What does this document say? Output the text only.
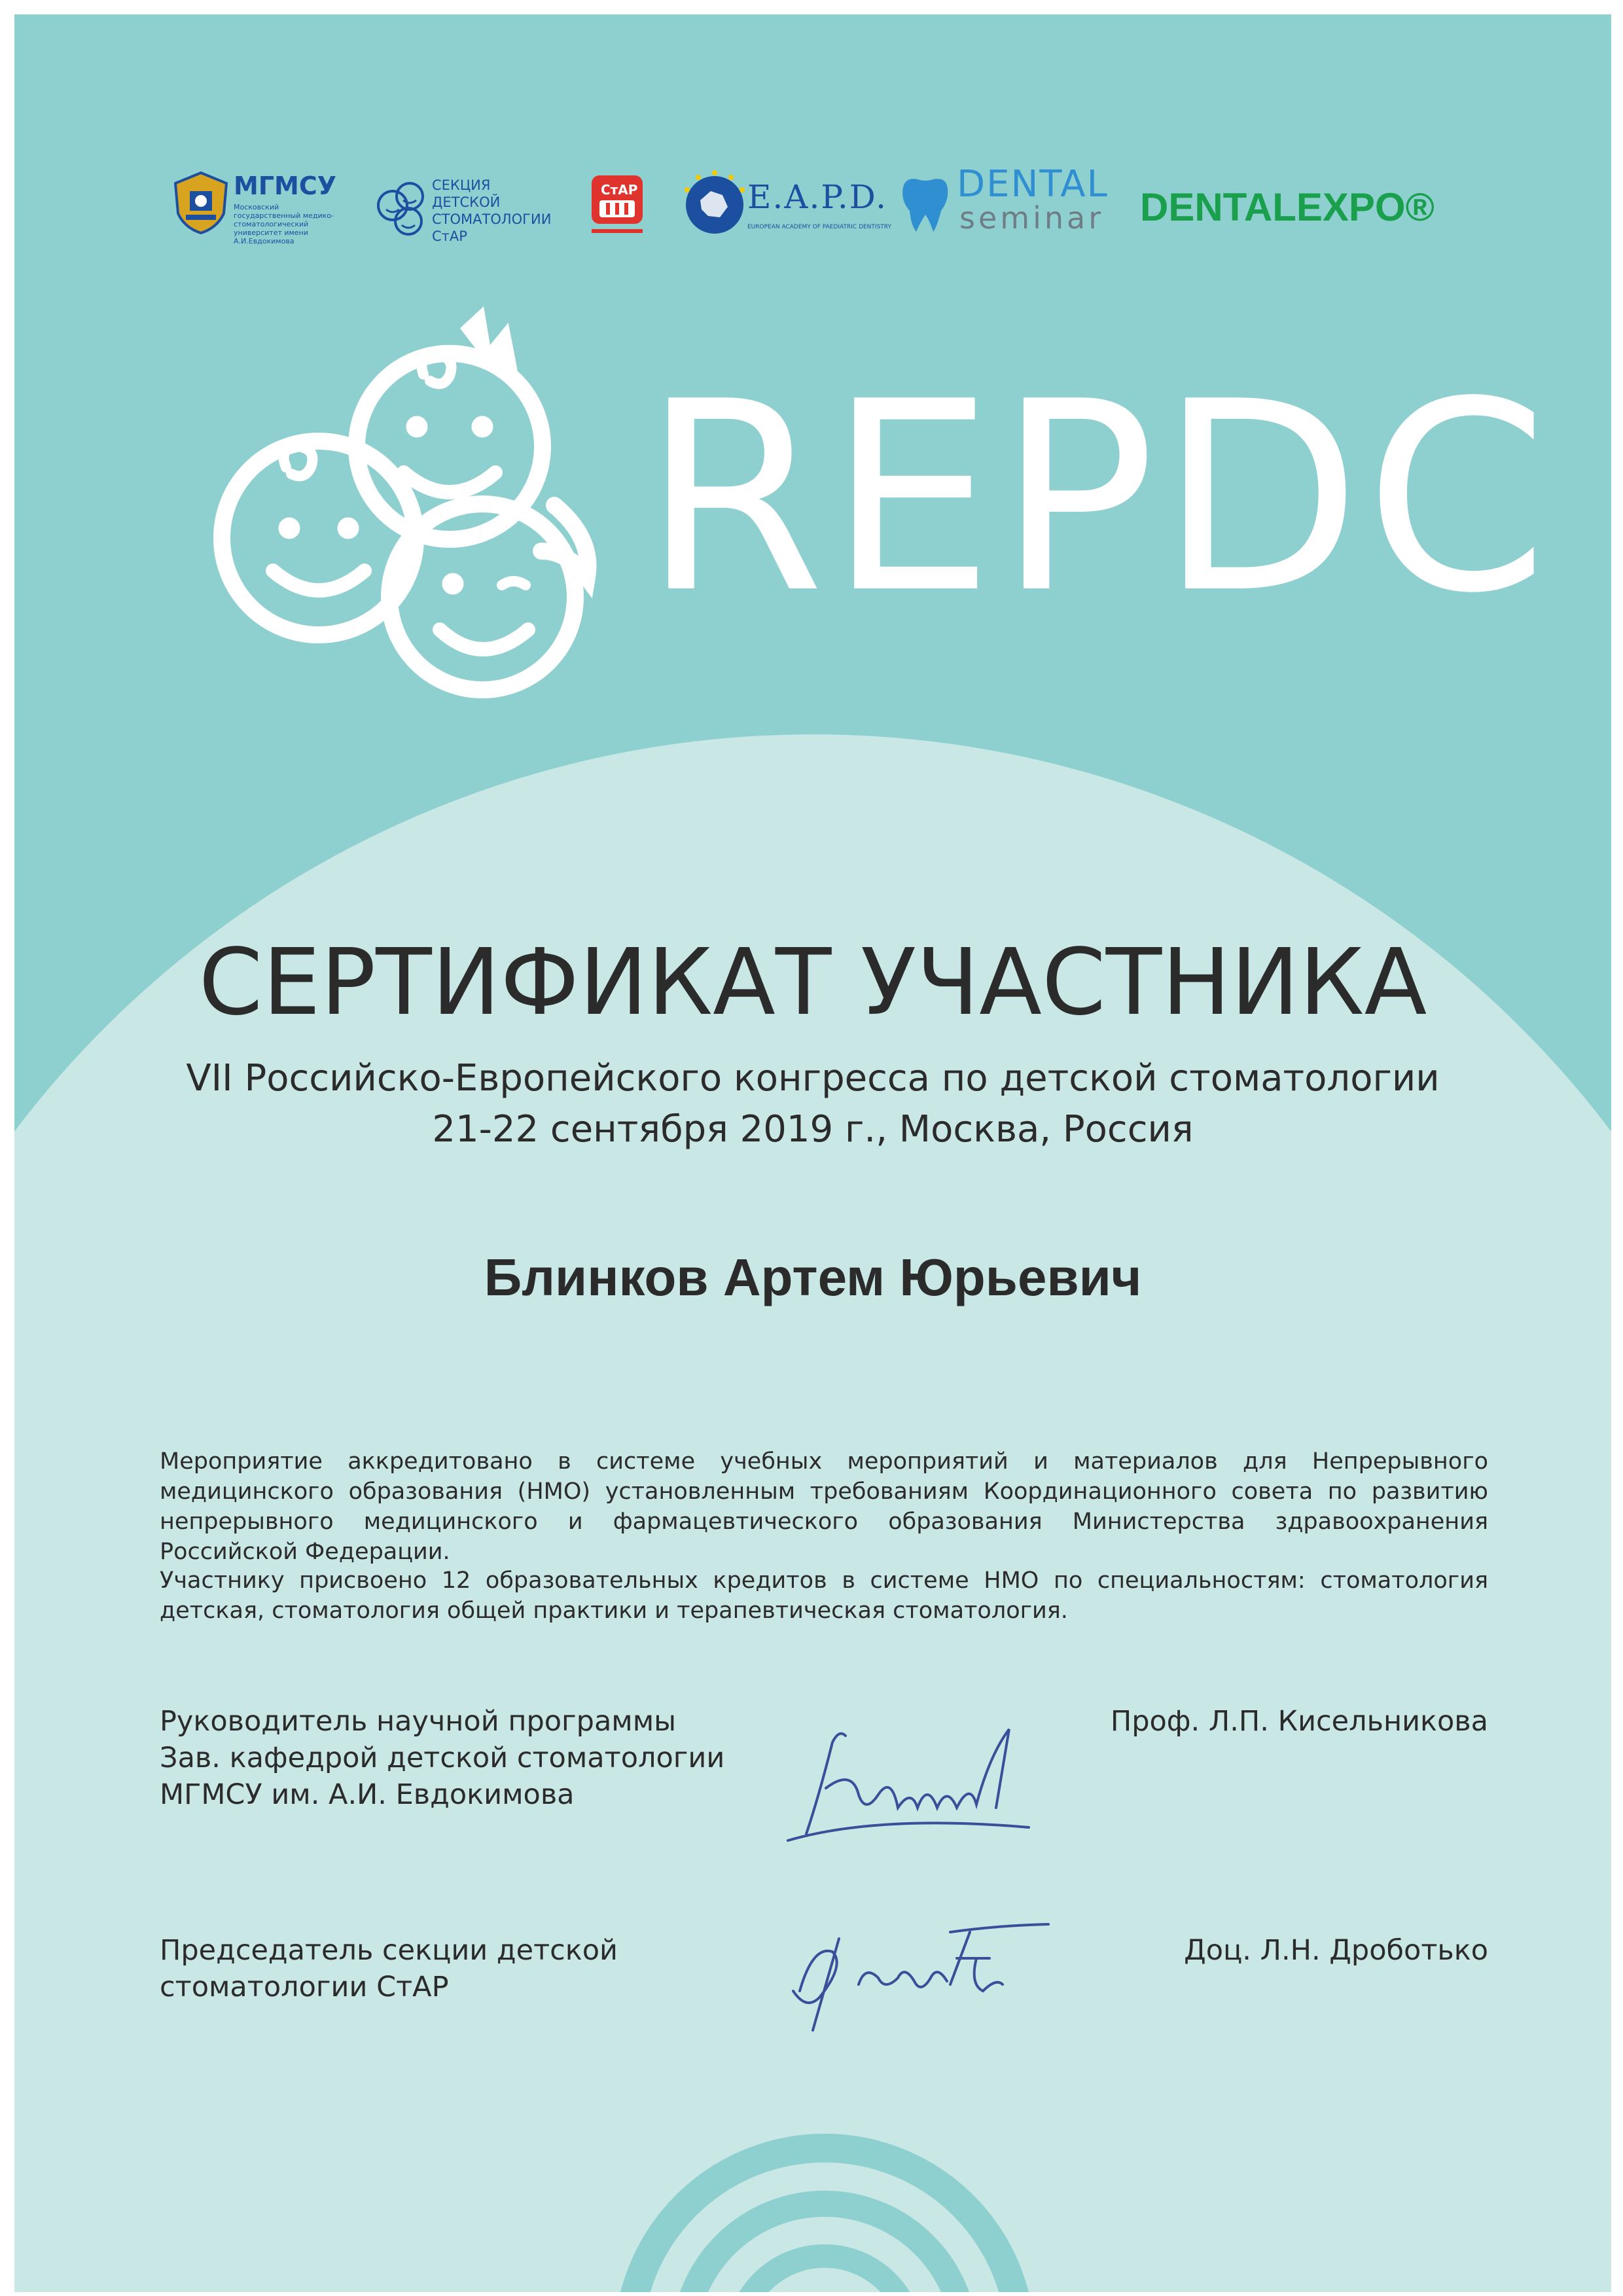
МГМСУ
Московский государственный медико-стоматологический университет имени А.И.Евдокимова
СЕКЦИЯ ДЕТСКОЙ СТОМАТОЛОГИИ СтАР
СтАР	E.A.P.D.
EUROPEAN ACADEMY OF PAEDIATRIC DENTISTRY
DENTAL
seminar DENTALEXPO®
REPDC
СЕРТИФИКАТ УЧАСТНИКА
VII Российско-Европейского конгресса по детской стоматологии
21-22 сентября 2019 г., Москва, Россия
Блинков Артем Юрьевич
Мероприятие аккредитовано в системе учебных мероприятий и материалов для Непрерывного медицинского образования (НМО) установленным требованиям Координационного совета по развитию непрерывного медицинского и фармацевтического образования Министерства здравоохранения Российской Федерации.
Участнику присвоено 12 образовательных кредитов в системе НМО по специальностям: стоматология детская, стоматология общей практики и терапевтическая стоматология.
Руководитель научной программы
Зав. кафедрой детской стоматологии
МГМСУ им. А.И. Евдокимова
Проф. Л.П. Кисельникова
Председатель секции детской
стоматологии СтАР
Доц. Л.Н. Дроботько
